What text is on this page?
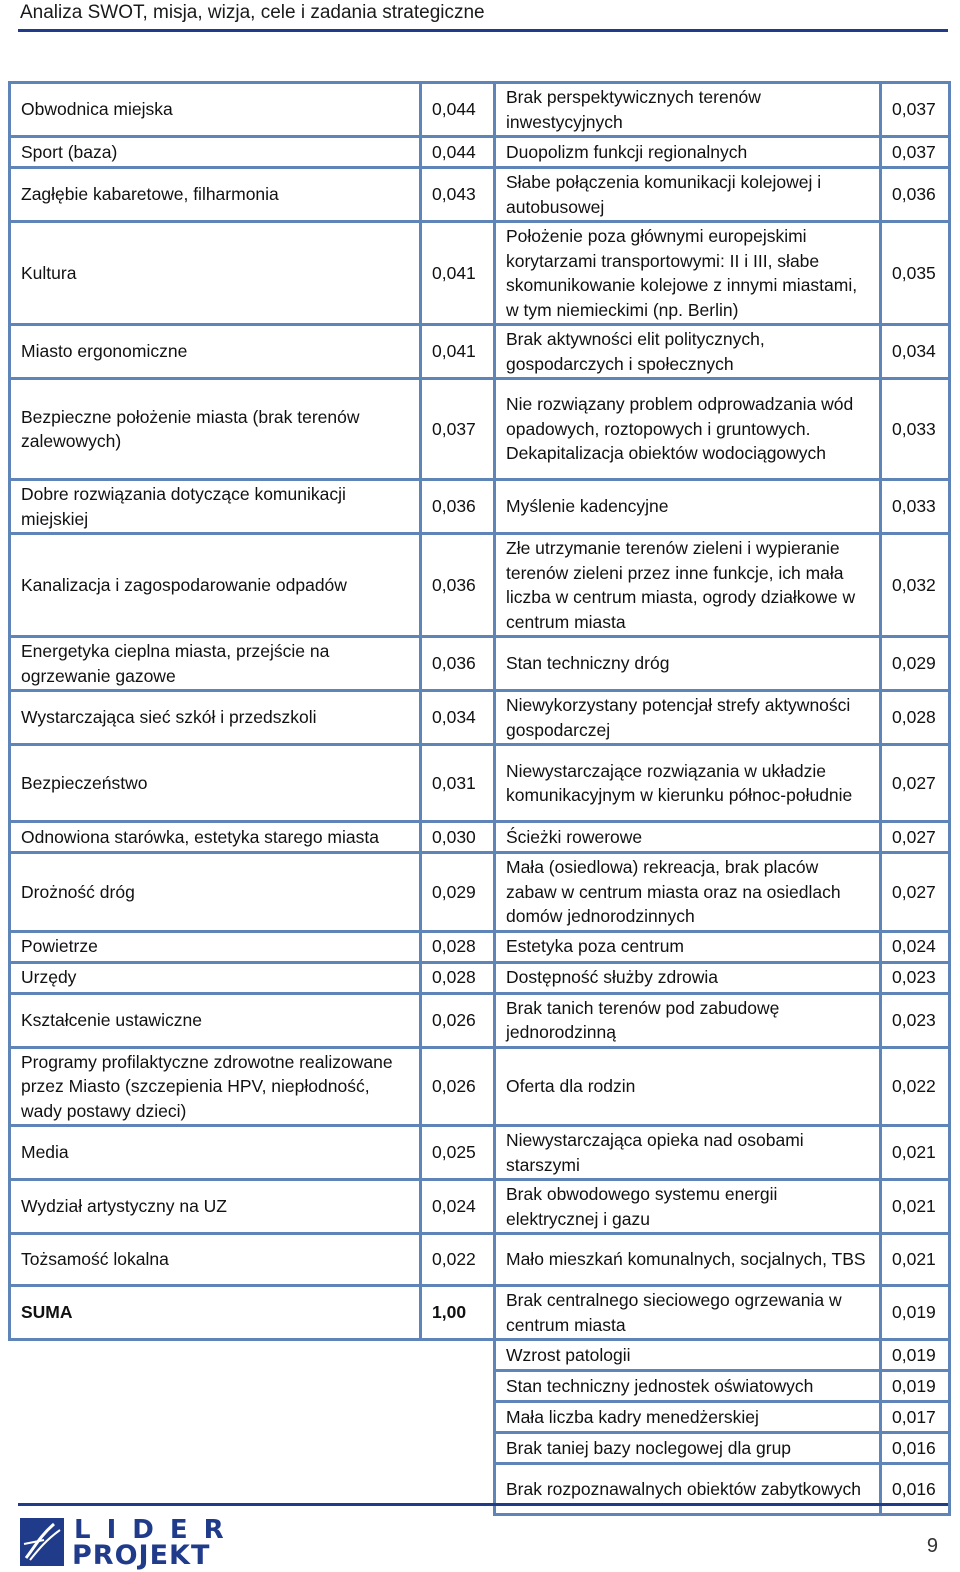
Analiza SWOT, misja, wizja, cele i zadania strategiczne
Obwodnica miejska	0,044	Brak perspektywicznych terenów inwestycyjnych	0,037
Sport (baza)	0,044	Duopolizm funkcji regionalnych	0,037
Zagłębie kabaretowe, filharmonia	0,043	Słabe połączenia komunikacji kolejowej i autobusowej	0,036
Kultura	0,041	Położenie poza głównymi europejskimi korytarzami transportowymi: II i III, słabe skomunikowanie kolejowe z innymi miastami, w tym niemieckimi (np. Berlin)	0,035
Miasto ergonomiczne	0,041	Brak aktywności elit politycznych, gospodarczych i społecznych	0,034
Bezpieczne położenie miasta (brak terenów zalewowych)	0,037	Nie rozwiązany problem odprowadzania wód opadowych, roztopowych i gruntowych. Dekapitalizacja obiektów wodociągowych	0,033
Dobre rozwiązania dotyczące komunikacji miejskiej	0,036	Myślenie kadencyjne	0,033
Kanalizacja i zagospodarowanie odpadów	0,036	Złe utrzymanie terenów zieleni i wypieranie terenów zieleni przez inne funkcje, ich mała liczba w centrum miasta, ogrody działkowe w centrum miasta	0,032
Energetyka cieplna miasta, przejście na ogrzewanie gazowe	0,036	Stan techniczny dróg	0,029
Wystarczająca sieć szkół i przedszkoli	0,034	Niewykorzystany potencjał strefy aktywności gospodarczej	0,028
Bezpieczeństwo	0,031	Niewystarczające rozwiązania w układzie komunikacyjnym w kierunku północ-południe	0,027
Odnowiona starówka, estetyka starego miasta	0,030	Ścieżki rowerowe	0,027
Drożność dróg	0,029	Mała (osiedlowa) rekreacja, brak placów zabaw w centrum miasta oraz na osiedlach domów jednorodzinnych	0,027
Powietrze	0,028	Estetyka poza centrum	0,024
Urzędy	0,028	Dostępność służby zdrowia	0,023
Kształcenie ustawiczne	0,026	Brak tanich terenów pod zabudowę jednorodzinną	0,023
Programy profilaktyczne zdrowotne realizowane przez Miasto (szczepienia HPV, niepłodność, wady postawy dzieci)	0,026	Oferta dla rodzin	0,022
Media	0,025	Niewystarczająca opieka nad osobami starszymi	0,021
Wydział artystyczny na UZ	0,024	Brak obwodowego systemu energii elektrycznej i gazu	0,021
Tożsamość lokalna	0,022	Mało mieszkań komunalnych, socjalnych, TBS	0,021
SUMA	1,00	Brak centralnego sieciowego ogrzewania w centrum miasta	0,019
		Wzrost patologii	0,019
		Stan techniczny jednostek oświatowych	0,019
		Mała liczba kadry menedżerskiej	0,017
		Brak taniej bazy noclegowej dla grup	0,016
		Brak rozpoznawalnych obiektów zabytkowych	0,016
LIDER
PROJEKT	9
